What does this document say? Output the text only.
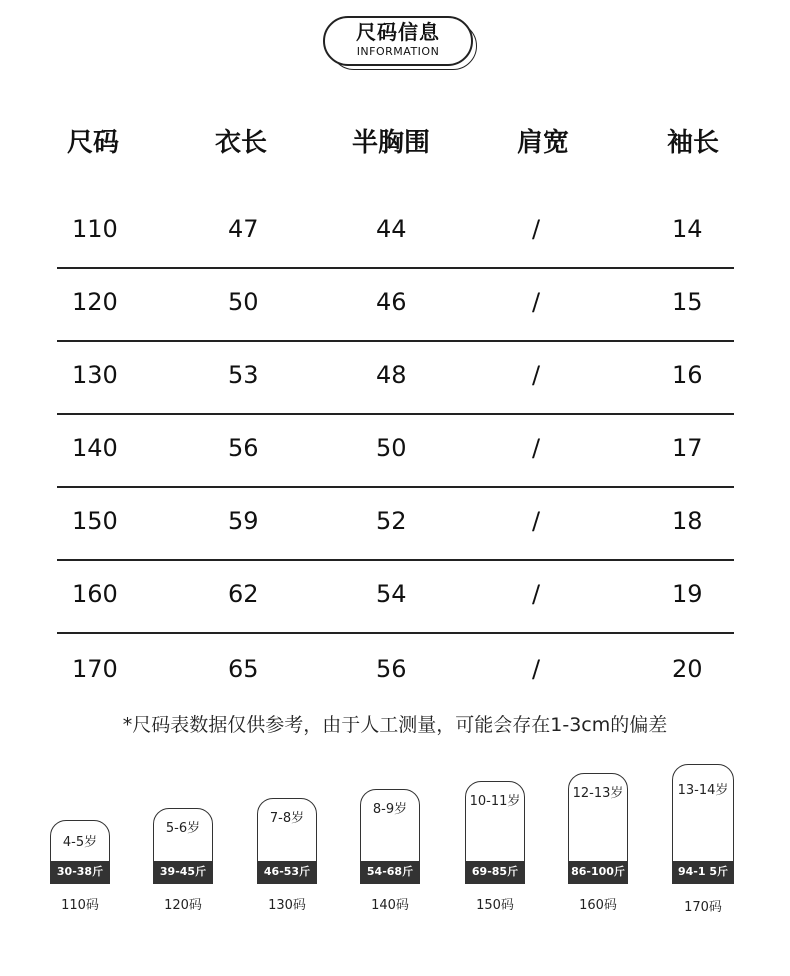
尺码信息
INFORMATION
尺码	衣长	半胸围	肩宽	袖长
110	47	44	/	14
120	50	46	/	15
130	53	48	/	16
140	56	50	/	17
150	59	52	/	18
160	62	54	/	19
170	65	56	/	20
*尺码表数据仅供参考，由于人工测量，可能会存在1-3cm的偏差
4-5岁
30-38斤
110码
5-6岁
39-45斤
120码
7-8岁
46-53斤
130码
8-9岁
54-68斤
140码
10-11岁
69-85斤
150码
12-13岁
86-100斤
160码
13-14岁
94-1 5斤
170码
